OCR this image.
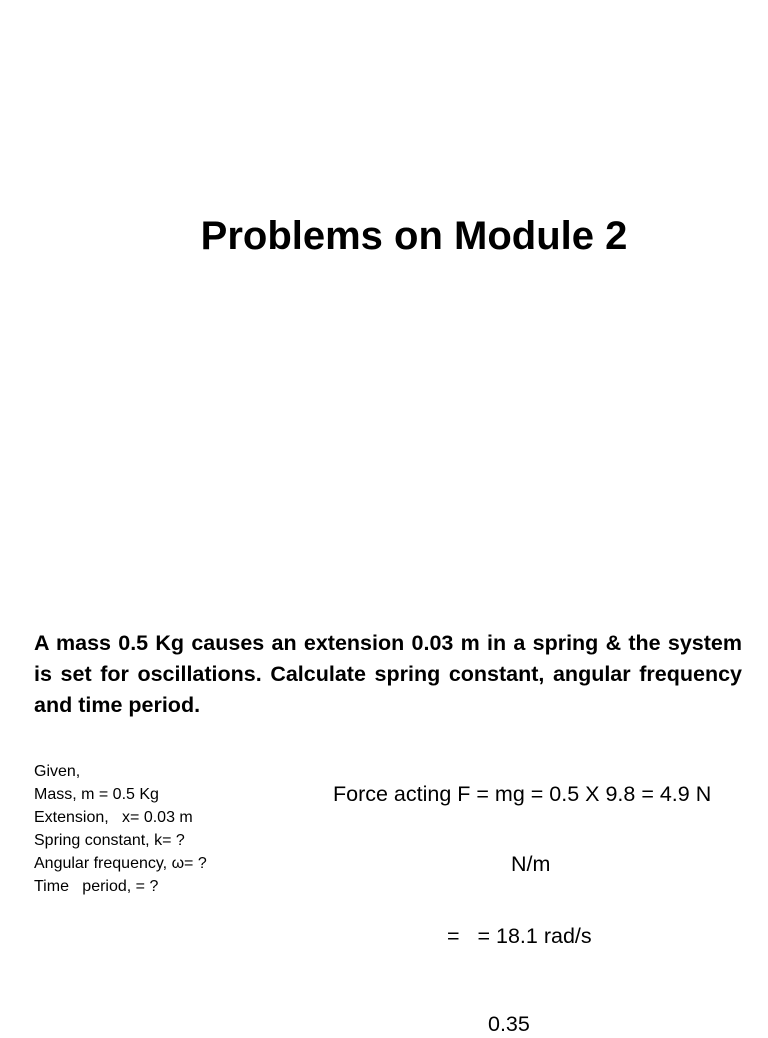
Problems on Module 2

A mass 0.5 Kg causes an extension 0.03 m in a spring & the system is set for oscillations. Calculate spring constant, angular frequency and time period.

Given,
Mass, m = 0.5 Kg
Extension,   x= 0.03 m
Spring constant, k= ?
Angular frequency, ω= ?
Time   period, = ?

Force acting F = mg = 0.5 X 9.8 = 4.9 N

N/m

=   = 18.1 rad/s

0.35
